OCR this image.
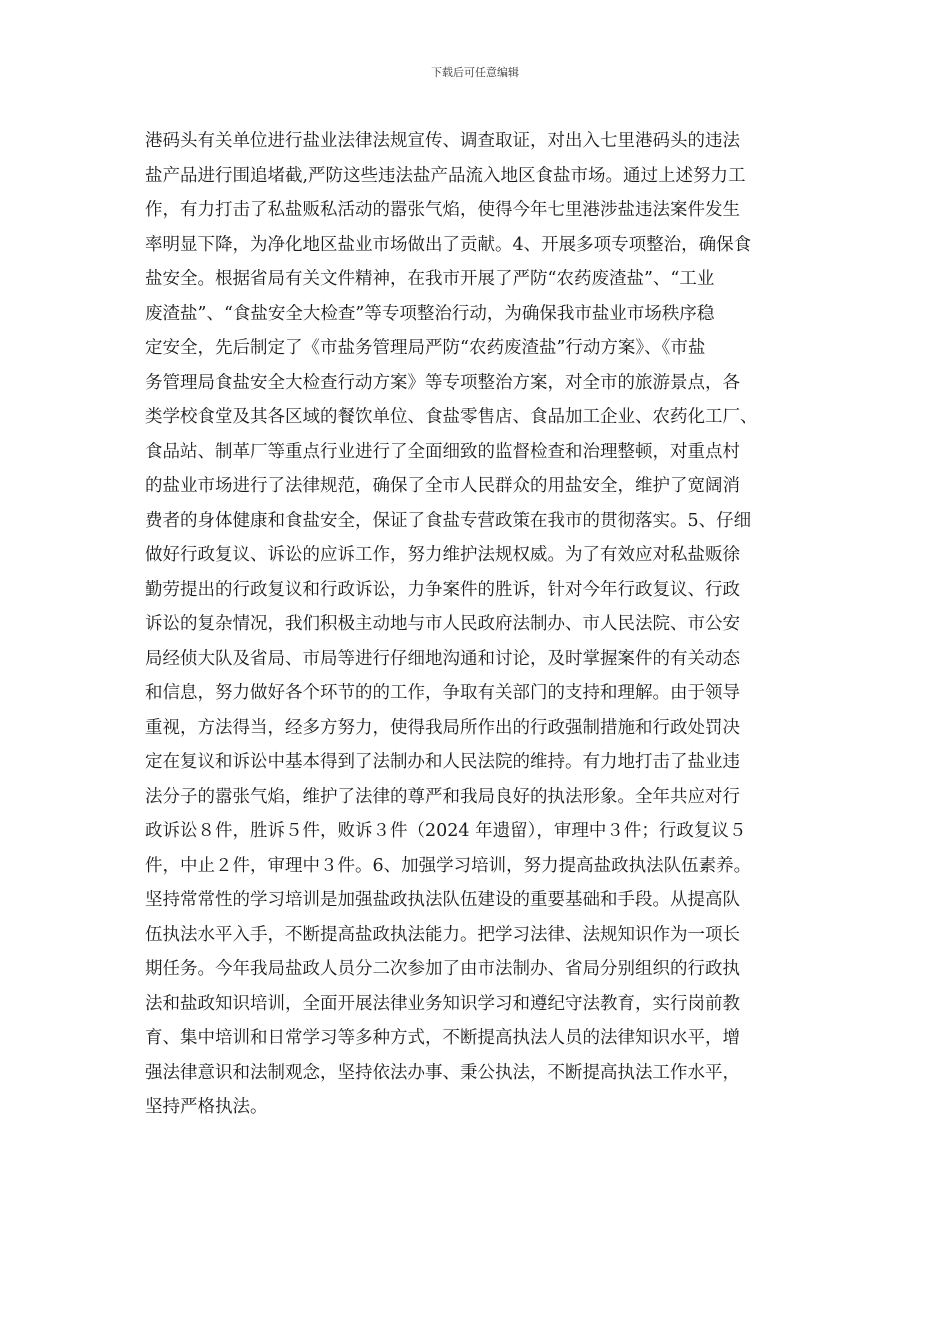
下载后可任意编辑
港码头有关单位进行盐业法律法规宣传、调查取证，对出入七里港码头的违法
盐产品进行围追堵截,严防这些违法盐产品流入地区食盐市场。通过上述努力工
作，有力打击了私盐贩私活动的嚣张气焰，使得今年七里港涉盐违法案件发生
率明显下降，为净化地区盐业市场做出了贡献。4、开展多项专项整治，确保食
盐安全。根据省局有关文件精神，在我市开展了严防“农药废渣盐”、“工业
废渣盐”、“食盐安全大检查”等专项整治行动，为确保我市盐业市场秩序稳
定安全，先后制定了《市盐务管理局严防“农药废渣盐”行动方案》、《市盐
务管理局食盐安全大检查行动方案》等专项整治方案，对全市的旅游景点，各
类学校食堂及其各区域的餐饮单位、食盐零售店、食品加工企业、农药化工厂、
食品站、制革厂等重点行业进行了全面细致的监督检查和治理整顿，对重点村
的盐业市场进行了法律规范，确保了全市人民群众的用盐安全，维护了宽阔消
费者的身体健康和食盐安全，保证了食盐专营政策在我市的贯彻落实。5、仔细
做好行政复议、诉讼的应诉工作，努力维护法规权威。为了有效应对私盐贩徐
勤劳提出的行政复议和行政诉讼，力争案件的胜诉，针对今年行政复议、行政
诉讼的复杂情况，我们积极主动地与市人民政府法制办、市人民法院、市公安
局经侦大队及省局、市局等进行仔细地沟通和讨论，及时掌握案件的有关动态
和信息，努力做好各个环节的的工作，争取有关部门的支持和理解。由于领导
重视，方法得当，经多方努力，使得我局所作出的行政强制措施和行政处罚决
定在复议和诉讼中基本得到了法制办和人民法院的维持。有力地打击了盐业违
法分子的嚣张气焰，维护了法律的尊严和我局良好的执法形象。全年共应对行
政诉讼８件，胜诉５件，败诉３件（2024 年遗留），审理中３件；行政复议５
件，中止２件，审理中３件。6、加强学习培训，努力提高盐政执法队伍素养。
坚持常常性的学习培训是加强盐政执法队伍建设的重要基础和手段。从提高队
伍执法水平入手，不断提高盐政执法能力。把学习法律、法规知识作为一项长
期任务。今年我局盐政人员分二次参加了由市法制办、省局分别组织的行政执
法和盐政知识培训，全面开展法律业务知识学习和遵纪守法教育，实行岗前教
育、集中培训和日常学习等多种方式，不断提高执法人员的法律知识水平，增
强法律意识和法制观念，坚持依法办事、秉公执法，不断提高执法工作水平，
坚持严格执法。
